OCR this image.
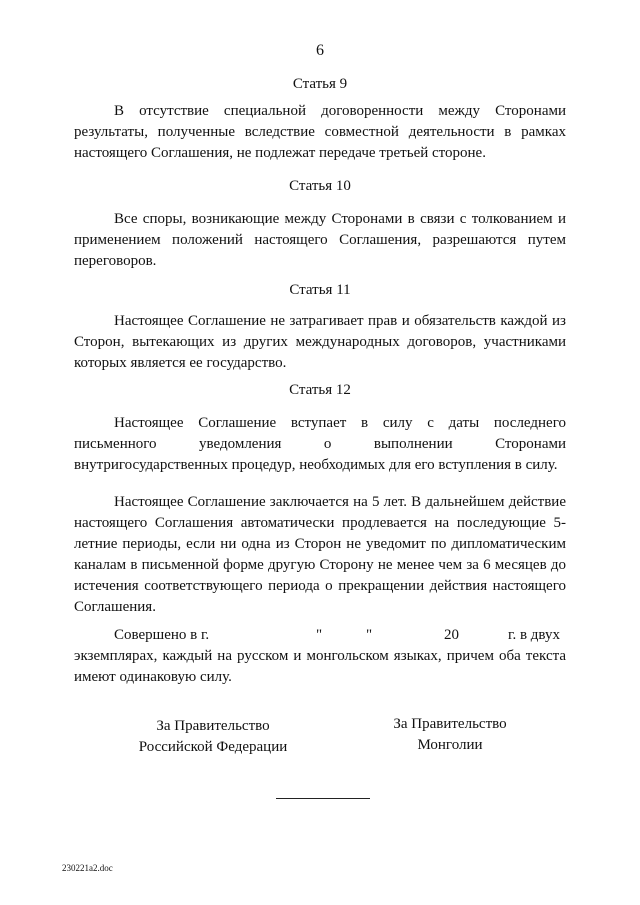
6
Статья 9
В отсутствие специальной договоренности между Сторонами результаты, полученные вследствие совместной деятельности в рамках настоящего Соглашения, не подлежат передаче третьей стороне.
Статья 10
Все споры, возникающие между Сторонами в связи с толкованием и применением положений настоящего Соглашения, разрешаются путем переговоров.
Статья 11
Настоящее Соглашение не затрагивает прав и обязательств каждой из Сторон, вытекающих из других международных договоров, участниками которых является ее государство.
Статья 12
Настоящее Соглашение вступает в силу с даты последнего письменного уведомления о выполнении Сторонами внутригосударственных процедур, необходимых для его вступления в силу.
Настоящее Соглашение заключается на 5 лет. В дальнейшем действие настоящего Соглашения автоматически продлевается на последующие 5-летние периоды, если ни одна из Сторон не уведомит по дипломатическим каналам в письменной форме другую Сторону не менее чем за 6 месяцев до истечения соответствующего периода о прекращении действия настоящего Соглашения.
Совершено в г.	"	"	20	г. в двух
экземплярах, каждый на русском и монгольском языках, причем оба текста имеют одинаковую силу.
За Правительство
Российской Федерации
За Правительство
Монголии
230221a2.doc
